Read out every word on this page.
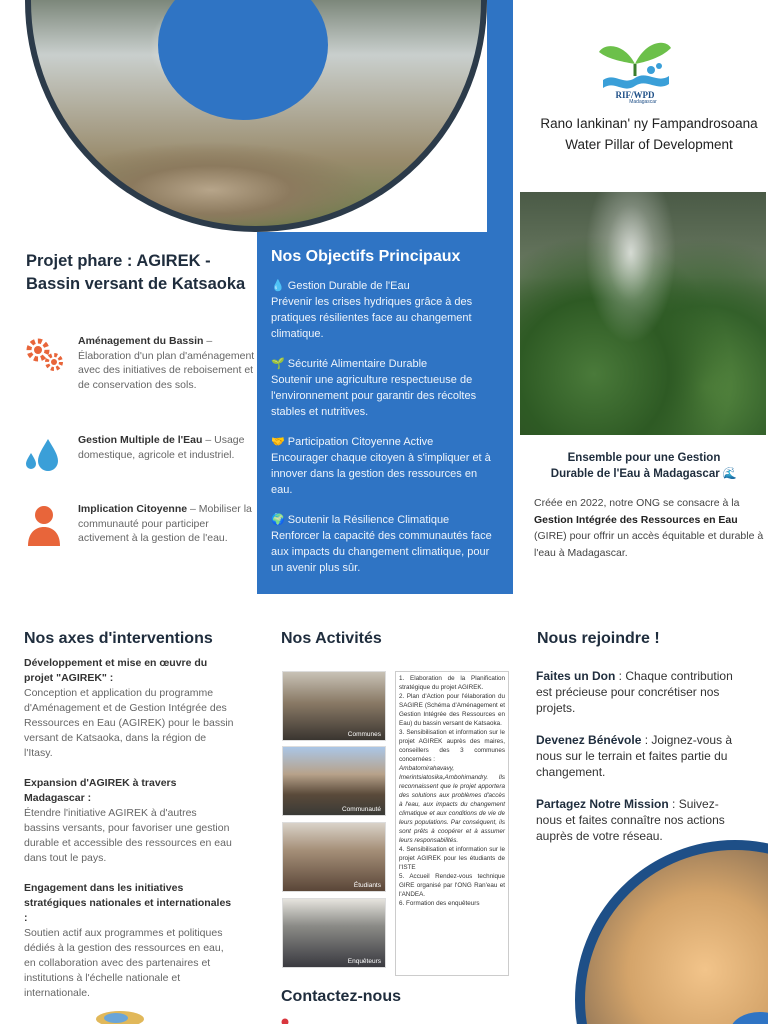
RIF/WPD
Madagascar
Rano Iankinan' ny Fampandrosoana
Water Pillar of Development
Projet phare : AGIREK - Bassin versant de Katsaoka
Aménagement du Bassin – Élaboration d'un plan d'aménagement avec des initiatives de reboisement et de conservation des sols.
Gestion Multiple de l'Eau – Usage domestique, agricole et industriel.
Implication Citoyenne – Mobiliser la communauté pour participer activement à la gestion de l'eau.
Nos Objectifs Principaux
💧 Gestion Durable de l'Eau
Prévenir les crises hydriques grâce à des pratiques résilientes face au changement climatique.
🌱 Sécurité Alimentaire Durable
Soutenir une agriculture respectueuse de l'environnement pour garantir des récoltes stables et nutritives.
🤝 Participation Citoyenne Active
Encourager chaque citoyen à s'impliquer et à innover dans la gestion des ressources en eau.
🌍 Soutenir la Résilience Climatique
Renforcer la capacité des communautés face aux impacts du changement climatique, pour un avenir plus sûr.
Ensemble pour une Gestion
Durable de l'Eau à Madagascar 🌊
Créée en 2022, notre ONG se consacre à la Gestion Intégrée des Ressources en Eau (GIRE) pour offrir un accès équitable et durable à l'eau à Madagascar.
Nos axes d'interventions	Nos Activités	Nous rejoindre !
Développement et mise en œuvre du projet "AGIREK" :
Conception et application du programme d'Aménagement et de Gestion Intégrée des Ressources en Eau (AGIREK) pour le bassin versant de Katsaoka, dans la région de l'Itasy.
Expansion d'AGIREK à travers Madagascar :
Étendre l'initiative AGIREK à d'autres bassins versants, pour favoriser une gestion durable et accessible des ressources en eau dans tout le pays.
Engagement dans les initiatives stratégiques nationales et internationales :
Soutien actif aux programmes et politiques dédiés à la gestion des ressources en eau, en collaboration avec des partenaires et institutions à l'échelle nationale et internationale.
Communes
Communauté
Étudiants
Enquêteurs
1. Elaboration de la Planification stratégique du projet AGIREK.
2. Plan d'Action pour l'élaboration du SAGIRE (Schéma d'Aménagement et Gestion Intégrée des Ressources en Eau) du bassin versant de Katsaoka.
3. Sensibilisation et information sur le projet AGIREK auprès des maires, conseillers des 3 communes concernées :
Ambatomirahavavy, Imerintsiatosika,Ambohimandry. Ils reconnaissent que le projet apportera des solutions aux problèmes d'accès à l'eau, aux impacts du changement climatique et aux conditions de vie de leurs populations. Par conséquent, ils sont prêts à coopérer et à assumer leurs responsabilités.
4. Sensibilisation et information sur le projet AGIREK pour les étudiants de l'ISTE
5. Accueil Rendez-vous technique GIRE organisé par l'ONG Ran'eau et l'ANDEA.
6. Formation des enquêteurs

Faites un Don : Chaque contribution est précieuse pour concrétiser nos projets.

Devenez Bénévole : Joignez-vous à nous sur le terrain et faites partie du changement.

Partagez Notre Mission : Suivez-nous et faites connaître nos actions auprès de votre réseau.

Contactez-nous
